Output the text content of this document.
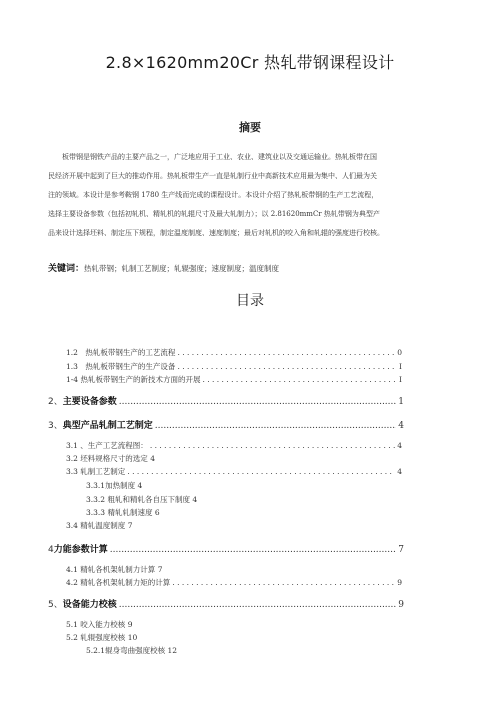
2.8×1620mm20Cr 热轧带钢课程设计
摘要
　　板带钢是钢铁产品的主要产品之一，广泛地应用于工业、农业、建筑业以及交通运输业。热轧板带在国
民经济开展中起到了巨大的推动作用。热轧板带生产一直是轧制行业中高新技术应用最为集中、人们最为关
注的领域。本设计是参考鞍钢 1780 生产线而完成的课程设计。本设计介绍了热轧板带钢的生产工艺流程，
选择主要设备参数（包括初轧机、精轧机的轧辊尺寸及最大轧制力）；以 2.81620mmCr 热轧带钢为典型产
品来设计选择坯料、制定压下规程，制定温度制度、速度制度；最后对轧机的咬入角和轧辊的强度进行校核。
关键词：热轧带钢；轧制工艺制度；轧辊强度；速度制度；温度制度
目录
1.2　热轧板带钢生产的工艺流程 . . .	0
1.3　热轧板带钢生产的生产设备 . . .	I
1-4 热轧板带钢生产的新技术方面的开展 . . .	I
2、主要设备参数 .....	1
3、典型产品轧制工艺制定 .....	4
3.1 、生产工艺流程图： . . .	4
3.2 坯料规格尺寸的选定 4
3.3 轧制工艺制定 . . .	4
3.3.1加热制度 4
3.3.2 粗轧和精轧各自压下制度 4
3.3.3 精轧轧制速度 6
3.4 精轧温度制度 7
4力能参数计算 .....	7
4.1 精轧各机架轧制力计算 7
4.2 精轧各机架轧制力矩的计算 . . .	9
5、设备能力校核 .....	9
5.1 咬入能力校核 9
5.2 轧辊强度校核 10
5.2.1辊身弯曲强度校核 12
